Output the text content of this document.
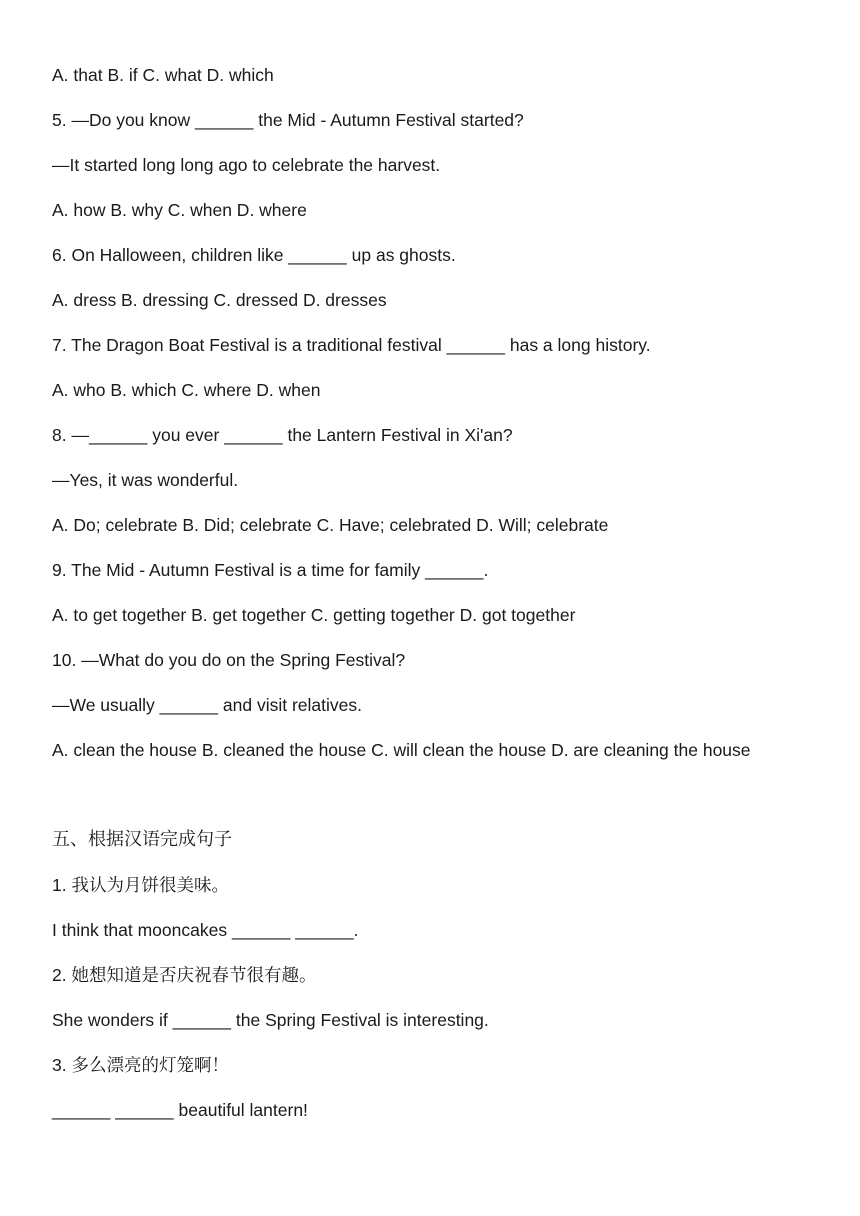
A. that B. if C. what D. which
5. —Do you know ______ the Mid - Autumn Festival started?
—It started long long ago to celebrate the harvest.
A. how B. why C. when D. where
6. On Halloween, children like ______ up as ghosts.
A. dress B. dressing C. dressed D. dresses
7. The Dragon Boat Festival is a traditional festival ______ has a long history.
A. who B. which C. where D. when
8. —______ you ever ______ the Lantern Festival in Xi'an?
—Yes, it was wonderful.
A. Do; celebrate B. Did; celebrate C. Have; celebrated D. Will; celebrate
9. The Mid - Autumn Festival is a time for family ______.
A. to get together B. get together C. getting together D. got together
10. —What do you do on the Spring Festival?
—We usually ______ and visit relatives.
A. clean the house B. cleaned the house C. will clean the house D. are cleaning the house
五、根据汉语完成句子
1. 我认为月饼很美味。
I think that mooncakes ______ ______.
2. 她想知道是否庆祝春节很有趣。
She wonders if ______ the Spring Festival is interesting.
3. 多么漂亮的灯笼啊！
______ ______ beautiful lantern!
